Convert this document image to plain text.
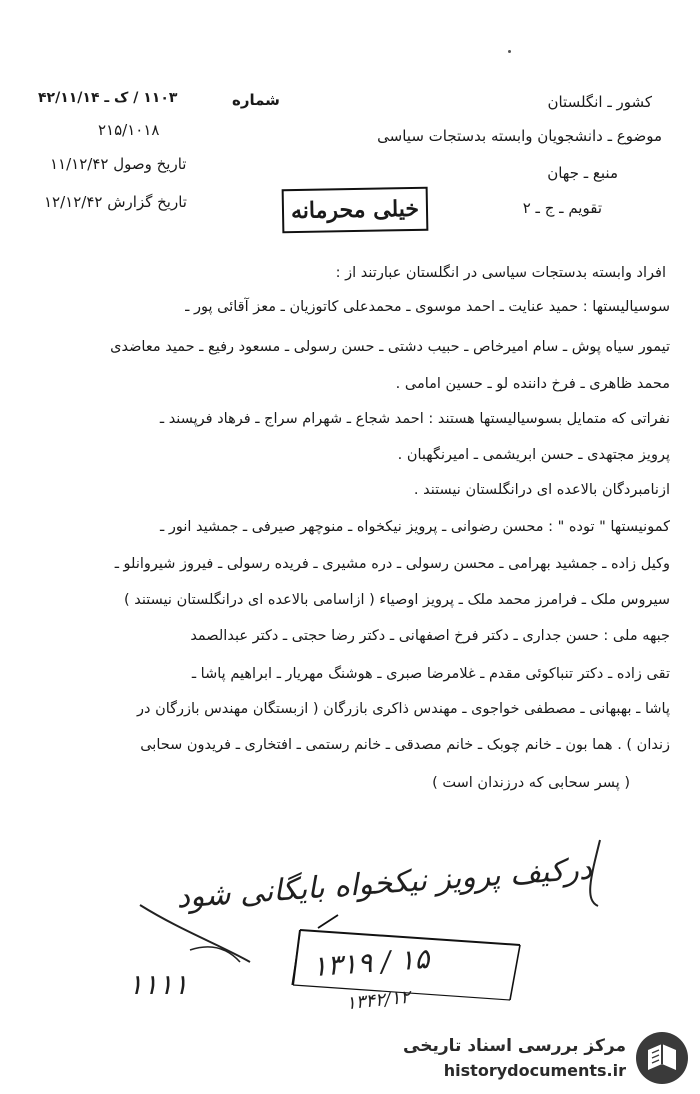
کشور ـ انگلستان
موضوع ـ دانشجویان وابسته بدستجات سیاسی
منبع ـ جهان
تقویم ـ ج ـ ۲
شماره
۱۱۰۳ / ک ـ ۴۲/۱۱/۱۴
۲۱۵/۱۰۱۸
تاریخ وصول ۱۱/۱۲/۴۲
تاریخ گزارش ۱۲/۱۲/۴۲	خیلی محرمانه
افراد وابسته بدستجات سیاسی در انگلستان عبارتند از :
سوسیالیستها : حمید عنایت ـ احمد موسوی ـ محمدعلی کاتوزیان ـ معز آقائی پور ـ
تیمور سیاه پوش ـ سام امیرخاص ـ حبیب دشتی ـ حسن رسولی ـ مسعود رفیع ـ حمید معاضدی
محمد ظاهری ـ فرخ داننده لو ـ حسین امامی .
نفراتی که متمایل بسوسیالیستها هستند : احمد شجاع ـ شهرام سراج ـ فرهاد فرپسند ـ
پرویز مجتهدی ـ حسن ابریشمی ـ امیرنگهبان .
ازنامبردگان بالاعده ای درانگلستان نیستند .
کمونیستها " توده " : محسن رضوانی ـ پرویز نیکخواه ـ منوچهر صیرفی ـ جمشید انور ـ
وکیل زاده ـ جمشید بهرامی ـ محسن رسولی ـ دره مشیری ـ فریده رسولی ـ فیروز شیروانلو ـ
سیروس ملک ـ فرامرز محمد ملک ـ پرویز اوصیاء ( ازاسامی بالاعده ای درانگلستان نیستند )
جبهه ملی : حسن جداری ـ دکتر فرخ اصفهانی ـ دکتر رضا حجتی ـ دکتر عبدالصمد
تقی زاده ـ دکتر تنباکوئی مقدم ـ غلامرضا صبری ـ هوشنگ مهریار ـ ابراهیم پاشا ـ
پاشا ـ بهبهانی ـ مصطفی خواجوی ـ مهندس ذاکری بازرگان ( ازبستگان مهندس بازرگان در
زندان ) . هما بون ـ خانم چوبک ـ خانم مصدقی ـ خانم رستمی ـ افتخاری ـ فریدون سحابی
( پسر سحابی که درزندان است )
درکیف پرویز نیکخواه بایگانی شود
۱۱۱۱
۱۵ / ۱۳۱۹
۱۳۴۲/۱۲
مرکز بررسی اسناد تاریخی
historydocuments.ir
